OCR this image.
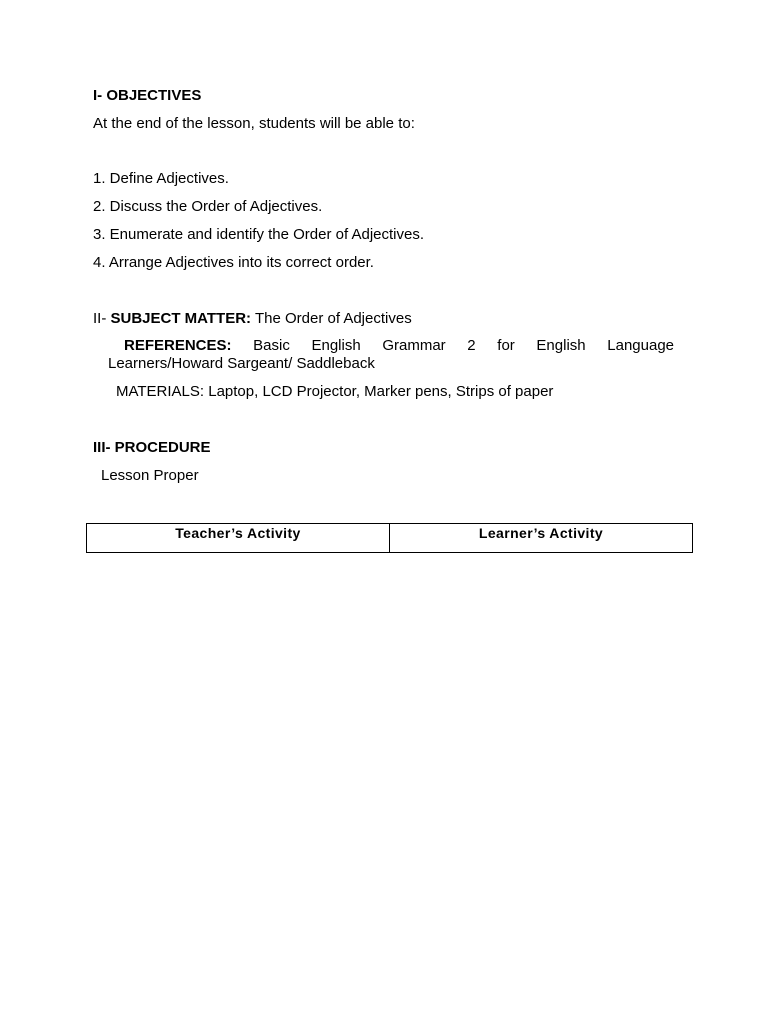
I- OBJECTIVES
At the end of the lesson, students will be able to:
1. Define Adjectives.
2. Discuss the Order of Adjectives.
3. Enumerate and identify the Order of Adjectives.
4. Arrange Adjectives into its correct order.
II- SUBJECT MATTER: The Order of Adjectives
REFERENCES: Basic English Grammar 2 for English Language
Learners/Howard Sargeant/ Saddleback
MATERIALS: Laptop, LCD Projector, Marker pens, Strips of paper
III- PROCEDURE
Lesson Proper
Teacher’s Activity	Learner’s Activity
